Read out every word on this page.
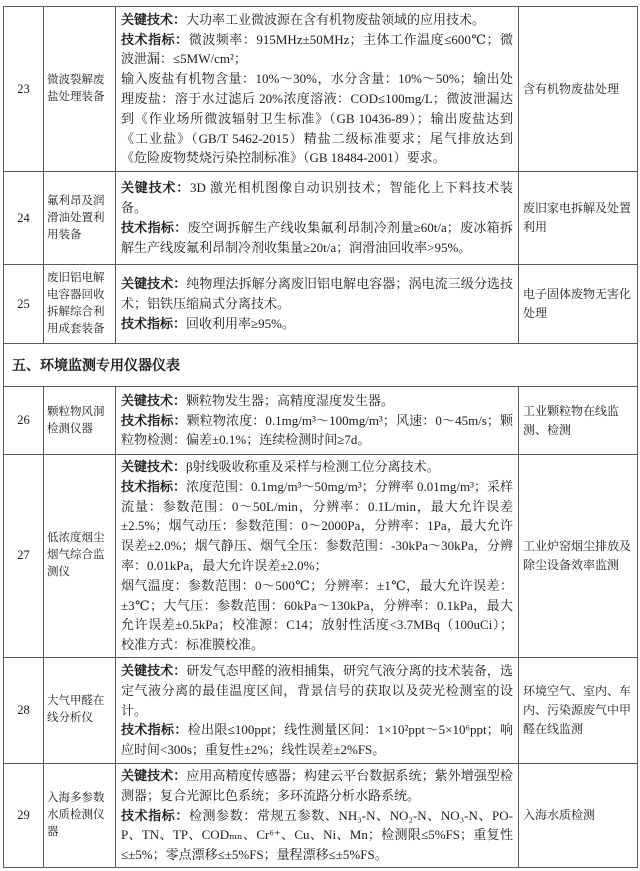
23	微波裂解废盐处理装备	关键技术：大功率工业微波源在含有机物废盐领域的应用技术。

技术指标：微波频率：915MHz±50MHz；主体工作温度≤600℃；微波泄漏：≤5MW/cm²；

输入废盐有机物含量：10%～30%，水分含量：10%～50%；输出处理废盐：溶于水过滤后 20%浓度溶液：COD≤100mg/L；微波泄漏达到《作业场所微波辐射卫生标准》（GB 10436-89）；输出废盐达到《工业盐》（GB/T 5462-2015）精盐二级标准要求；尾气排放达到《危险废物焚烧污染控制标准》（GB 18484-2001）要求。	含有机物废盐处理
24	氟利昂及润滑油处置利用装备	关键技术：3D 激光相机图像自动识别技术；智能化上下料技术装备。

技术指标：废空调拆解生产线收集氟利昂制冷剂量≥60t/a；废冰箱拆解生产线废氟利昂制冷剂收集量≥20t/a；润滑油回收率>95%。	废旧家电拆解及处置利用
25	废旧铝电解电容器回收拆解综合利用成套装备	关键技术：纯物理法拆解分离废旧铝电解电容器；涡电流三级分选技术；铝铁压缩扁式分离技术。

技术指标：回收利用率≥95%。	电子固体废物无害化处理
五、环境监测专用仪器仪表			
26	颗粒物风洞检测仪器	关键技术：颗粒物发生器；高精度湿度发生器。

技术指标：颗粒物浓度：0.1mg/m³～100mg/m³；风速：0～45m/s；颗粒物检测：偏差±0.1%；连续检测时间≥7d。	工业颗粒物在线监测、检测
27	低浓度烟尘烟气综合监测仪	关键技术：β射线吸收称重及采样与检测工位分离技术。

技术指标：浓度范围：0.1mg/m³～50mg/m³；分辨率 0.01mg/m³；采样流量：参数范围：0～50L/min，分辨率：0.1L/min，最大允许误差±2.5%；烟气动压：参数范围：0～2000Pa，分辨率：1Pa，最大允许误差±2.0%；烟气静压、烟气全压：参数范围：-30kPa～30kPa，分辨率：0.01kPa，最大允许误差±2.0%；

烟气温度：参数范围：0～500℃；分辨率：±1℃，最大允许误差：±3℃；大气压：参数范围：60kPa～130kPa，分辨率：0.1kPa，最大允许误差±0.5kPa；校准源：C14；放射性活度<3.7MBq（100uCi）；校准方式：标准膜校准。	工业炉窑烟尘排放及除尘设备效率监测
28	大气甲醛在线分析仪	关键技术：研发气态甲醛的液相捕集，研究气液分离的技术装备，选定气液分离的最佳温度区间，背景信号的获取以及荧光检测室的设计。

技术指标：检出限≤100ppt；线性测量区间：1×10²ppt～5×10⁶ppt；响应时间<300s；重复性±2%；线性误差±2%FS。	环境空气、室内、车内、污染源废气中甲醛在线监测
29	入海多参数水质检测仪器	关键技术：应用高精度传感器；构建云平台数据系统；紫外增强型检测器；复合光源比色系统；多环流路分析水路系统。

技术指标：检测参数：常规五参数、NH₃-N、NO₂-N、NO₃-N、PO-P、TN、TP、CODₘₙ、Cr⁶⁺、Cu、Ni、Mn；检测限≤5%FS；重复性≤±5%；零点漂移≤±5%FS；量程漂移≤±5%FS。	入海水质检测
